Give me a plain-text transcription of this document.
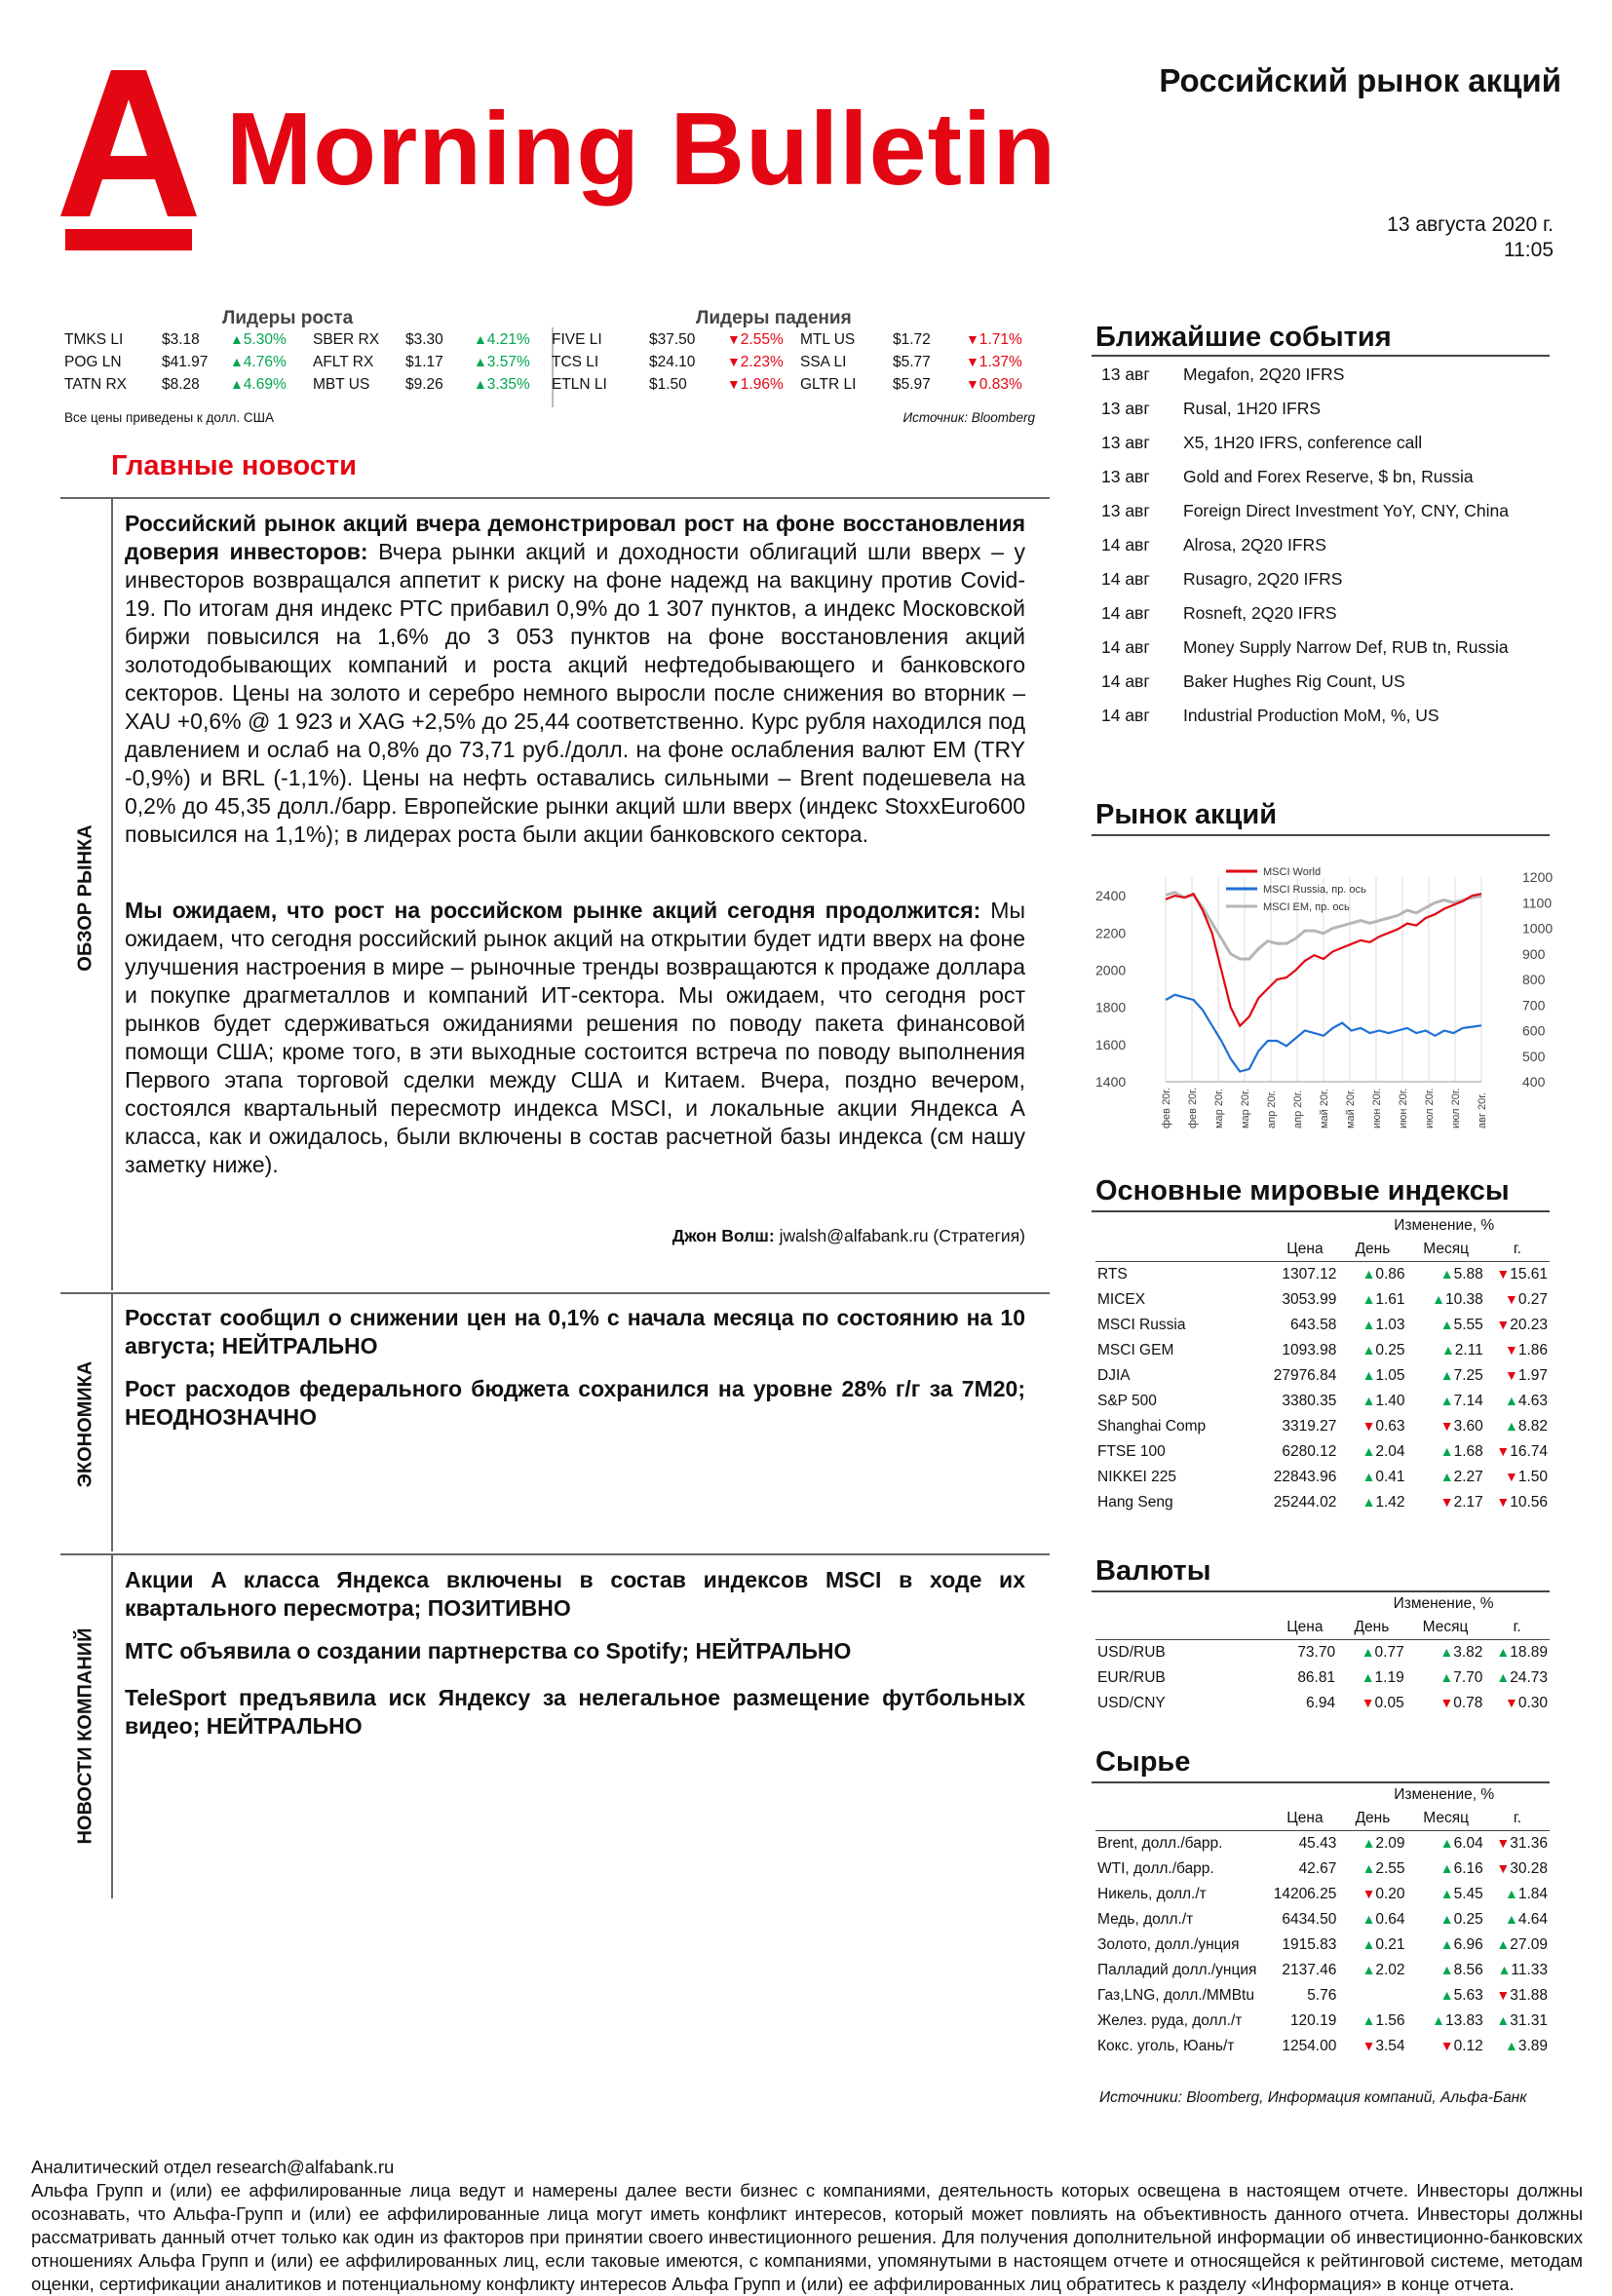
Morning Bulletin
Российский рынок акций
13 августа 2020 г.
11:05
Лидеры роста	Лидеры падения
TMKS LI	$3.18	▲ 5.30% SBER RX $3.30	▲ 4.21% FIVE LI	$37.50	▼ 2.55% MTL US $1.72	▼ 1.71%
POG LN	$41.97	▲ 4.76% AFLT RX $1.17	▲ 3.57% TCS LI	$24.10	▼ 2.23% SSA LI	$5.77	▼ 1.37%
TATN RX $8.28	▲ 4.69% MBT US $9.26	▲ 3.35% ETLN LI	$1.50	▼ 1.96% GLTR LI $5.97	▼ 0.83%
Все цены приведены к долл. США	Источник: Bloomberg
Главные новости
ОБЗОР РЫНКА
ЭКОНОМИКА
НОВОСТИ КОМПАНИЙ
Российский рынок акций вчера демонстрировал рост на фоне восстановления доверия инвесторов: Вчера рынки акций и доходности облигаций шли вверх – у инвесторов возвращался аппетит к риску на фоне надежд на вакцину против Covid-19. По итогам дня индекс РТС прибавил 0,9% до 1 307 пунктов, а индекс Московской биржи повысился на 1,6% до 3 053 пунктов на фоне восстановления акций золотодобывающих компаний и роста акций нефтедобывающего и банковского секторов. Цены на золото и серебро немного выросли после снижения во вторник – XAU +0,6% @ 1 923 и XAG +2,5% до 25,44 соответственно. Курс рубля находился под давлением и ослаб на 0,8% до 73,71 руб./долл. на фоне ослабления валют EM (TRY -0,9%) и BRL (-1,1%). Цены на нефть оставались сильными – Brent подешевела на 0,2% до 45,35 долл./барр. Европейские рынки акций шли вверх (индекс StoxxEuro600 повысился на 1,1%); в лидерах роста были акции банковского сектора.
Мы ожидаем, что рост на российском рынке акций сегодня продолжится: Мы ожидаем, что сегодня российский рынок акций на открытии будет идти вверх на фоне улучшения настроения в мире – рыночные тренды возвращаются к продаже доллара и покупке драгметаллов и компаний ИТ-сектора. Мы ожидаем, что сегодня рост рынков будет сдерживаться ожиданиями решения по поводу пакета финансовой помощи США; кроме того, в эти выходные состоится встреча по поводу выполнения Первого этапа торговой сделки между США и Китаем. Вчера, поздно вечером, состоялся квартальный пересмотр индекса MSCI, и локальные акции Яндекса А класса, как и ожидалось, были включены в состав расчетной базы индекса (см нашу заметку ниже).
Джон Волш: jwalsh@alfabank.ru (Стратегия)
Росстат сообщил о снижении цен на 0,1% с начала месяца по состоянию на 10 августа; НЕЙТРАЛЬНО
Рост расходов федерального бюджета сохранился на уровне 28% г/г за 7М20; НЕОДНОЗНАЧНО
Акции A класса Яндекса включены в состав индексов MSCI в ходе их квартального пересмотра; ПОЗИТИВНО
МТС объявила о создании партнерства со Spotify; НЕЙТРАЛЬНО
TeleSport предъявила иск Яндексу за нелегальное размещение футбольных видео; НЕЙТРАЛЬНО
Ближайшие события
13 авг Megafon, 2Q20 IFRS
13 авг Rusal, 1H20 IFRS
13 авг X5, 1H20 IFRS, conference call
13 авг Gold and Forex Reserve, $ bn, Russia
13 авг Foreign Direct Investment YoY, CNY, China
14 авг Alrosa, 2Q20 IFRS
14 авг Rusagro, 2Q20 IFRS
14 авг Rosneft, 2Q20 IFRS
14 авг Money Supply Narrow Def, RUB tn, Russia
14 авг Baker Hughes Rig Count, US
14 авг Industrial Production MoM, %, US
Рынок акций
фев 20г. фев 20г. мар 20г. мар 20г. апр 20г. апр 20г. май 20г. май 20г. июн 20г. июн 20г. июл 20г. июл 20г. авг 20г.
2400
2200
2000
1800
1600
1400
1200
1100
1000
900
800
700
600
500
400
MSCI World
MSCI Russia, пр. ось
MSCI EM, пр. ось
Основные мировые индексы
		Изменение, %		
	Цена	День	Месяц	г.
RTS	1307.12	▲ 0.86	▲ 5.88	▼ 15.61
MICEX	3053.99	▲ 1.61	▲ 10.38	▼ 0.27
MSCI Russia	643.58	▲ 1.03	▲ 5.55	▼ 20.23
MSCI GEM	1093.98	▲ 0.25	▲ 2.11	▼ 1.86
DJIA	27976.84	▲ 1.05	▲ 7.25	▼ 1.97
S&P 500	3380.35	▲ 1.40	▲ 7.14	▲ 4.63
Shanghai Comp	3319.27	▼ 0.63	▼ 3.60	▲ 8.82
FTSE 100	6280.12	▲ 2.04	▲ 1.68	▼ 16.74
NIKKEI 225	22843.96	▲ 0.41	▲ 2.27	▼ 1.50
Hang Seng	25244.02	▲ 1.42	▼ 2.17	▼ 10.56
Валюты
		Изменение, %		
	Цена	День	Месяц	г.
USD/RUB	73.70	▲ 0.77	▲ 3.82	▲ 18.89
EUR/RUB	86.81	▲ 1.19	▲ 7.70	▲ 24.73
USD/CNY	6.94	▼ 0.05	▼ 0.78	▼ 0.30
Сырье
		Изменение, %		
	Цена	День	Месяц	г.
Brent, долл./барр.	45.43	▲ 2.09	▲ 6.04	▼ 31.36
WTI, долл./барр.	42.67	▲ 2.55	▲ 6.16	▼ 30.28
Никель, долл./т	14206.25	▼ 0.20	▲ 5.45	▲ 1.84
Медь, долл./т	6434.50	▲ 0.64	▲ 0.25	▲ 4.64
Золото, долл./унция	1915.83	▲ 0.21	▲ 6.96	▲ 27.09
Палладий долл./унция	2137.46	▲ 2.02	▲ 8.56	▲ 11.33
Газ,LNG, долл./MMBtu	5.76		▲ 5.63	▼ 31.88
Желез. руда, долл./т	120.19	▲ 1.56	▲ 13.83	▲ 31.31
Кокс. уголь, Юань/т	1254.00	▼ 3.54	▼ 0.12	▲ 3.89
Источники: Bloomberg, Информация компаний, Альфа-Банк
Аналитический отдел research@alfabank.ru
Альфа Групп и (или) ее аффилированные лица ведут и намерены далее вести бизнес с компаниями, деятельность которых освещена в настоящем отчете. Инвесторы должны осознавать, что Альфа-Групп и (или) ее аффилированные лица могут иметь конфликт интересов, который может повлиять на объективность данного отчета. Инвесторы должны рассматривать данный отчет только как один из факторов при принятии своего инвестиционного решения. Для получения дополнительной информации об инвестиционно-банковских отношениях Альфа Групп и (или) ее аффилированных лиц, если таковые имеются, с компаниями, упомянутыми в настоящем отчете и относящейся к рейтинговой системе, методам оценки, сертификации аналитиков и потенциальному конфликту интересов Альфа Групп и (или) ее аффилированных лиц обратитесь к разделу «Информация» в конце отчета.
